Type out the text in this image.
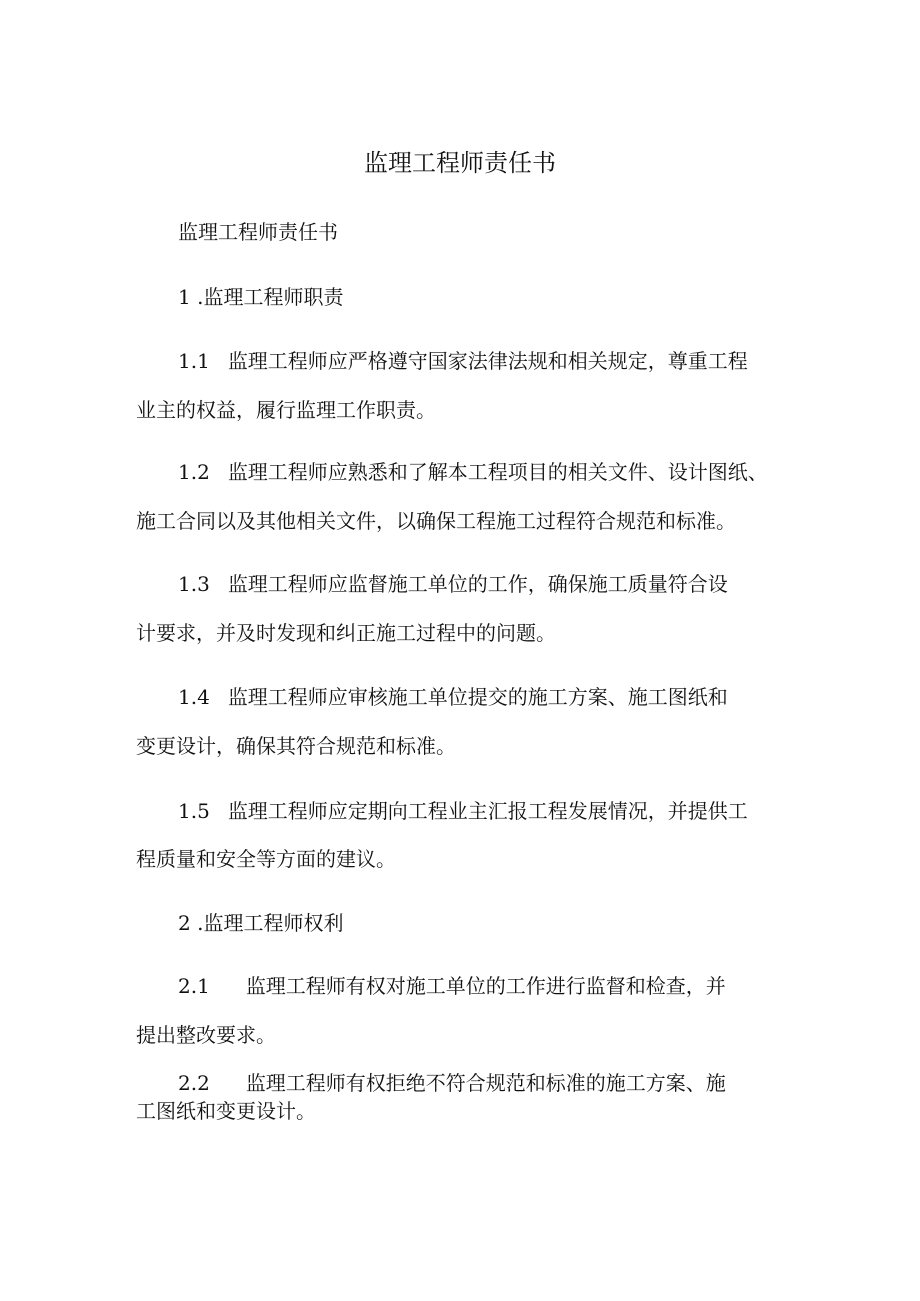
监理工程师责任书

监理工程师责任书

1 .监理工程师职责

1.1 监理工程师应严格遵守国家法律法规和相关规定，尊重工程

业主的权益，履行监理工作职责。

1.2 监理工程师应熟悉和了解本工程项目的相关文件、设计图纸、

施工合同以及其他相关文件，以确保工程施工过程符合规范和标准。

1.3 监理工程师应监督施工单位的工作，确保施工质量符合设

计要求，并及时发现和纠正施工过程中的问题。

1.4 监理工程师应审核施工单位提交的施工方案、施工图纸和

变更设计，确保其符合规范和标准。

1.5 监理工程师应定期向工程业主汇报工程发展情况，并提供工

程质量和安全等方面的建议。

2 .监理工程师权利

2.1 监理工程师有权对施工单位的工作进行监督和检查，并

提出整改要求。

2.2 监理工程师有权拒绝不符合规范和标准的施工方案、施

工图纸和变更设计。
